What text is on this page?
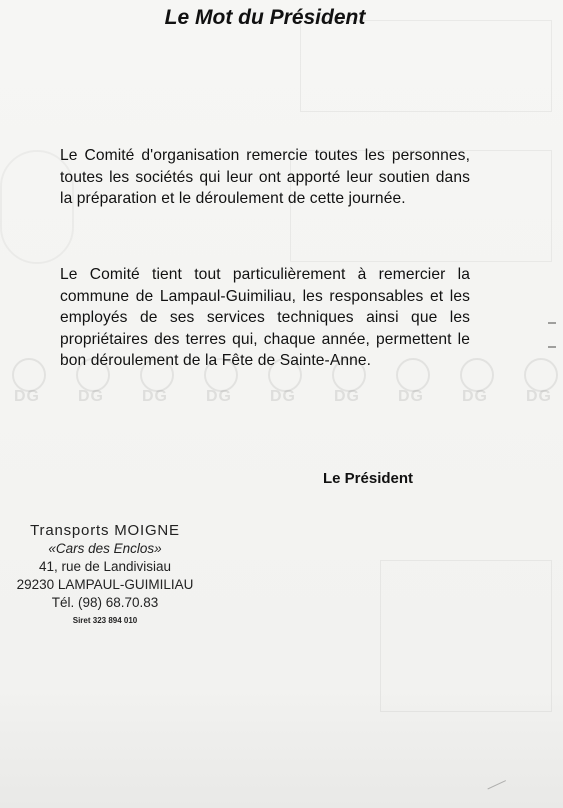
DG DG DG DG DG DG DG DG DG
Le Mot du Président

Le Comité d'organisation remercie toutes les personnes, toutes les sociétés qui leur ont apporté leur soutien dans la préparation et le déroulement de cette journée.

Le Comité tient tout particulièrement à remercier la commune de Lampaul-Guimiliau, les responsables et les employés de ses services techniques ainsi que les propriétaires des terres qui, chaque année, permettent le bon déroulement de la Fête de Sainte-Anne.

Le Président
Transports MOIGNE
«Cars des Enclos»
41, rue de Landivisiau
29230 LAMPAUL-GUIMILIAU
Tél. (98) 68.70.83
Siret 323 894 010
